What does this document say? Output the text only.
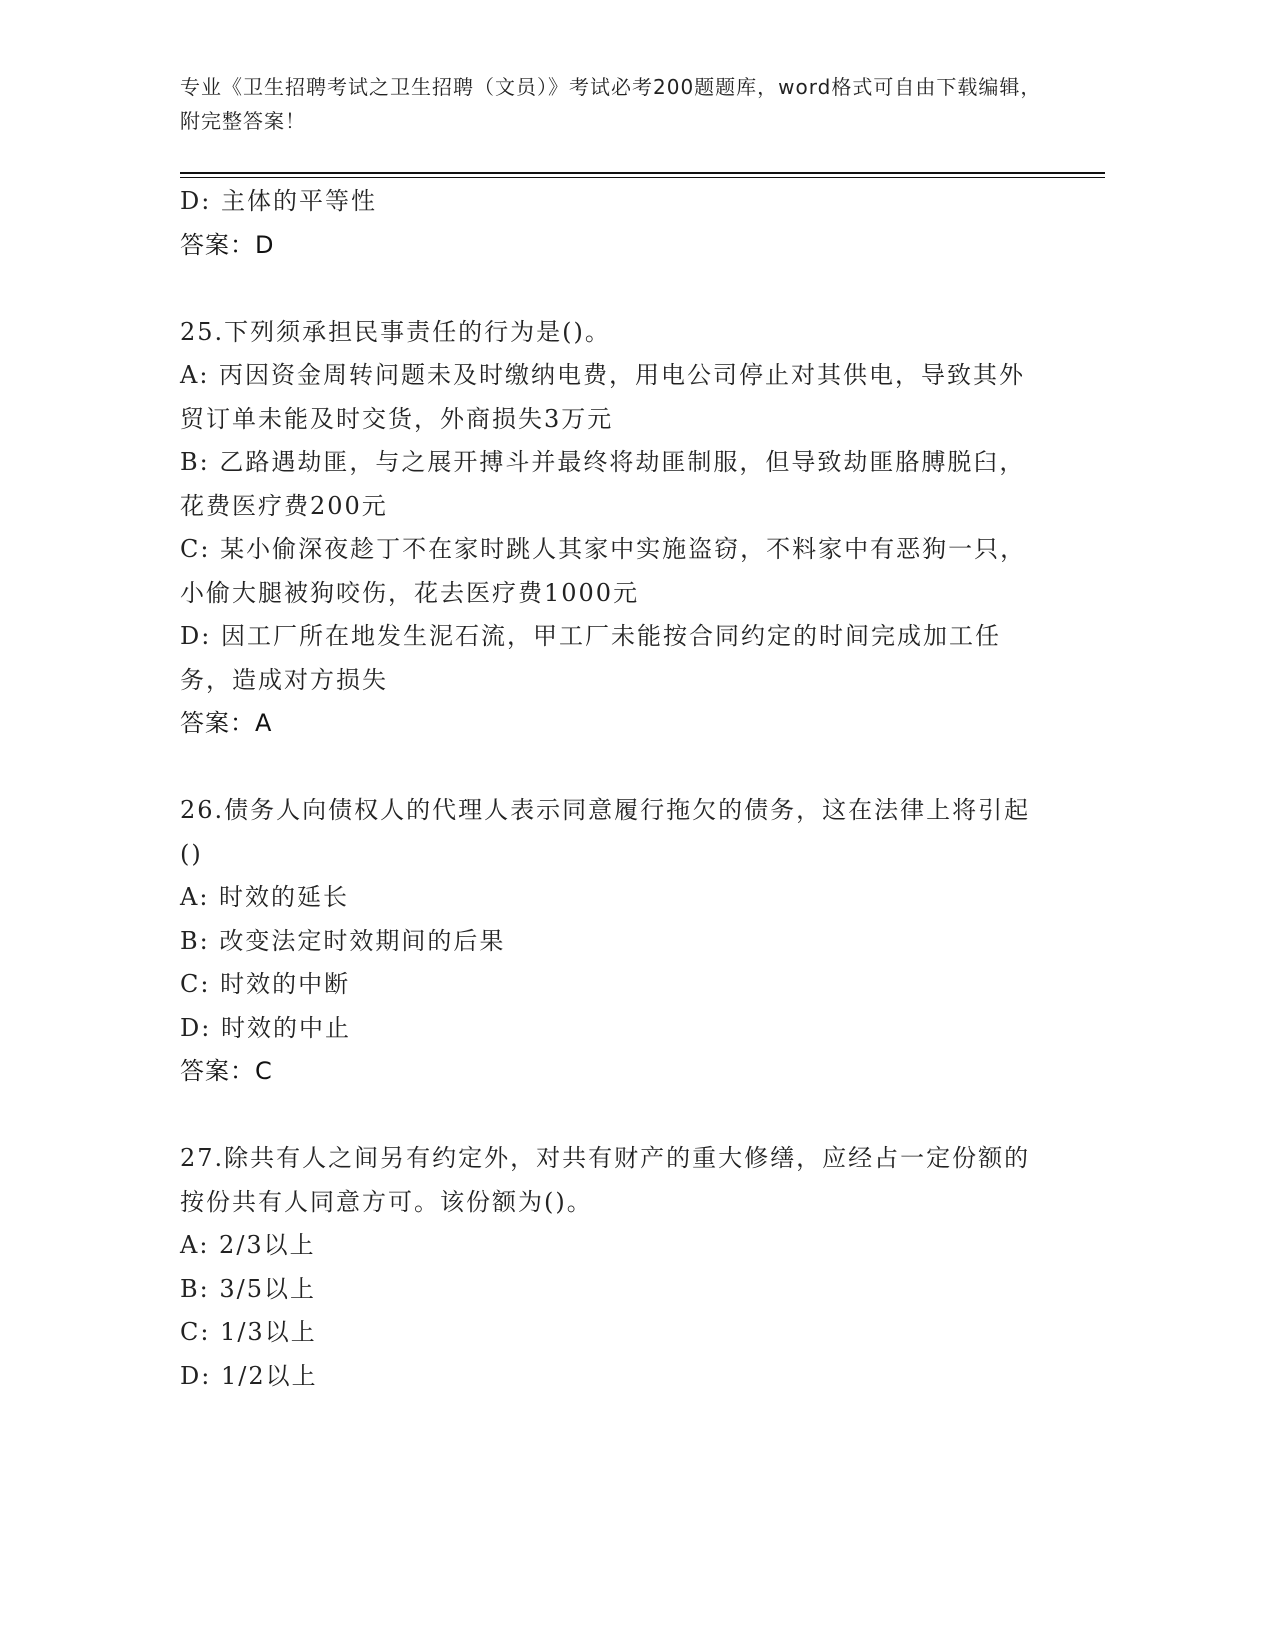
专业《卫生招聘考试之卫生招聘（文员）》考试必考200题题库，word格式可自由下载编辑，附完整答案！
D: 主体的平等性
答案：D
25.下列须承担民事责任的行为是()。
A: 丙因资金周转问题未及时缴纳电费，用电公司停止对其供电，导致其外贸订单未能及时交货，外商损失3万元
B: 乙路遇劫匪，与之展开搏斗并最终将劫匪制服，但导致劫匪胳膊脱臼，花费医疗费200元
C: 某小偷深夜趁丁不在家时跳人其家中实施盗窃，不料家中有恶狗一只，小偷大腿被狗咬伤，花去医疗费1000元
D: 因工厂所在地发生泥石流，甲工厂未能按合同约定的时间完成加工任务，造成对方损失
答案：A
26.债务人向债权人的代理人表示同意履行拖欠的债务，这在法律上将引起()
A: 时效的延长
B: 改变法定时效期间的后果
C: 时效的中断
D: 时效的中止
答案：C
27.除共有人之间另有约定外，对共有财产的重大修缮，应经占一定份额的按份共有人同意方可。该份额为()。
A: 2/3以上
B: 3/5以上
C: 1/3以上
D: 1/2以上
